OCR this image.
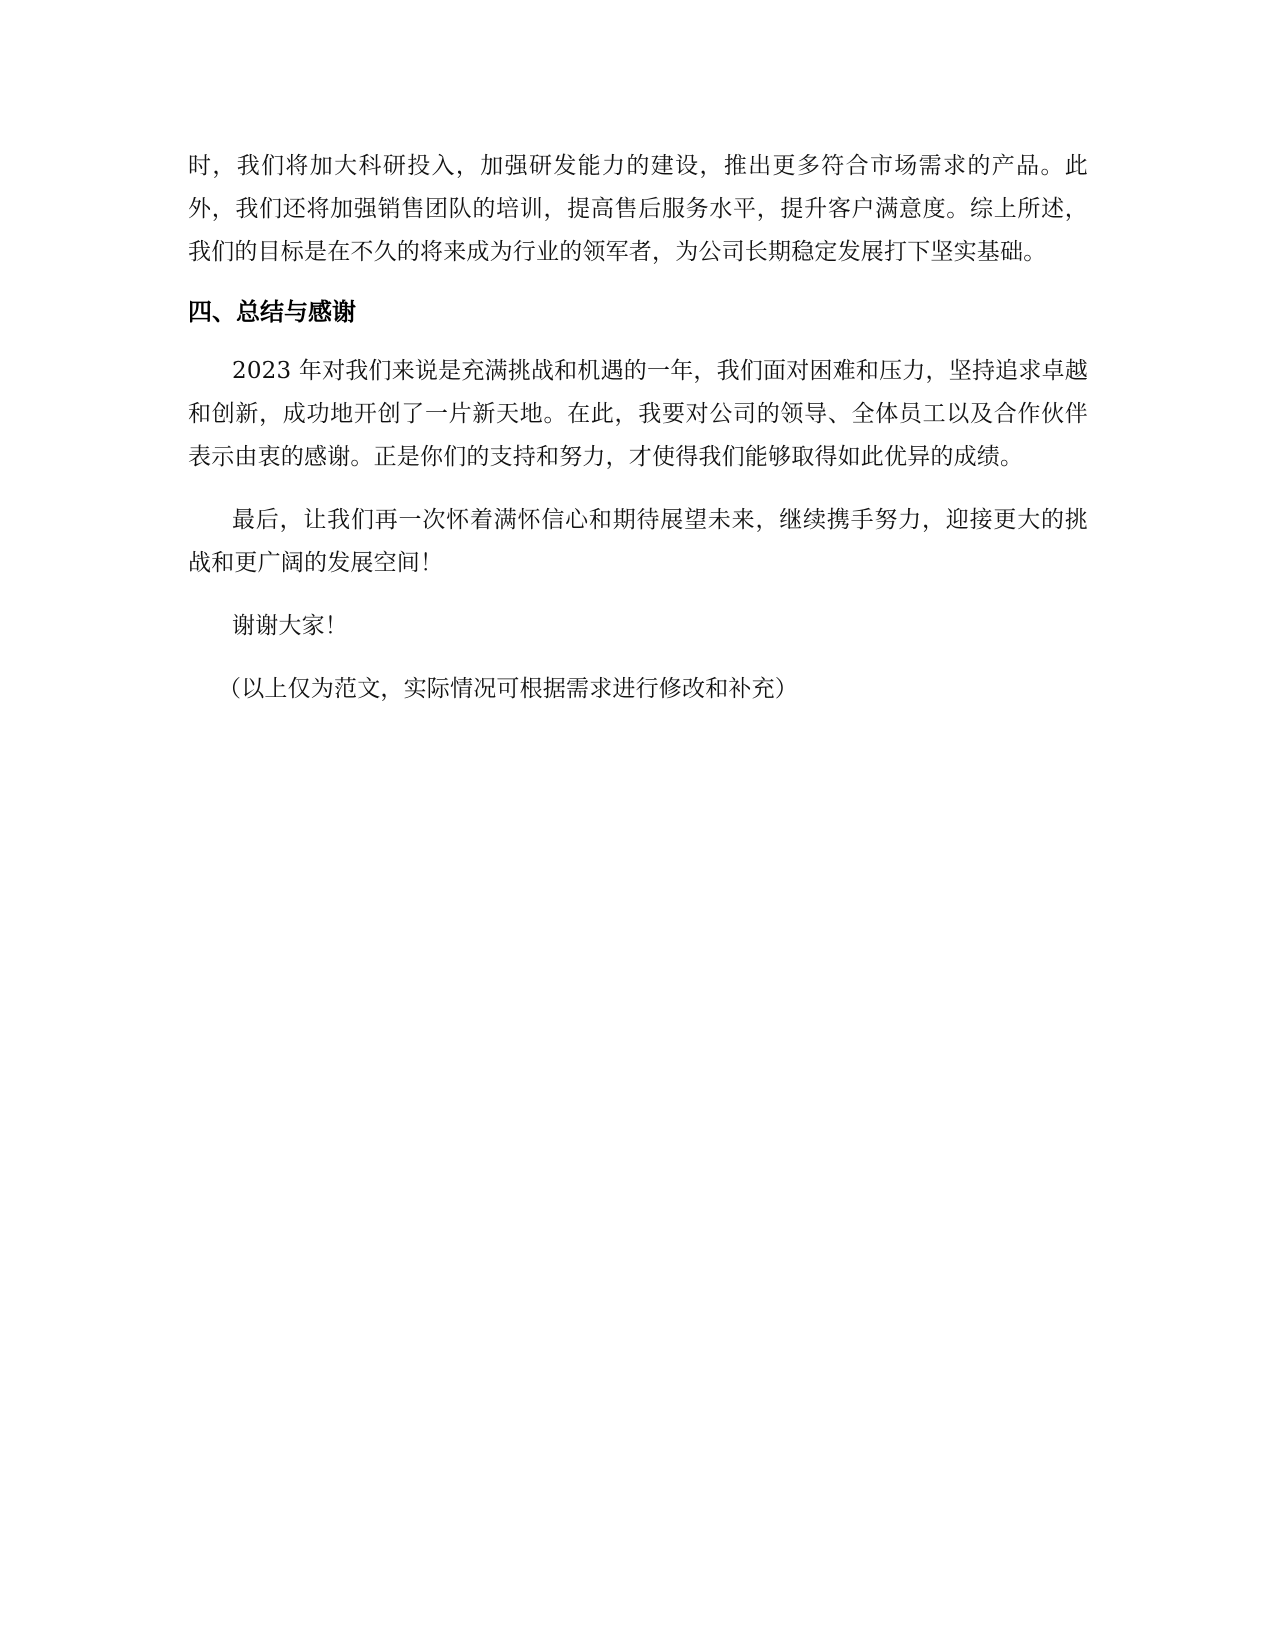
时，我们将加大科研投入，加强研发能力的建设，推出更多符合市场需求的产品。此外，我们还将加强销售团队的培训，提高售后服务水平，提升客户满意度。综上所述，我们的目标是在不久的将来成为行业的领军者，为公司长期稳定发展打下坚实基础。

四、总结与感谢

2023 年对我们来说是充满挑战和机遇的一年，我们面对困难和压力，坚持追求卓越和创新，成功地开创了一片新天地。在此，我要对公司的领导、全体员工以及合作伙伴表示由衷的感谢。正是你们的支持和努力，才使得我们能够取得如此优异的成绩。

最后，让我们再一次怀着满怀信心和期待展望未来，继续携手努力，迎接更大的挑战和更广阔的发展空间！

谢谢大家！

（以上仅为范文，实际情况可根据需求进行修改和补充）
